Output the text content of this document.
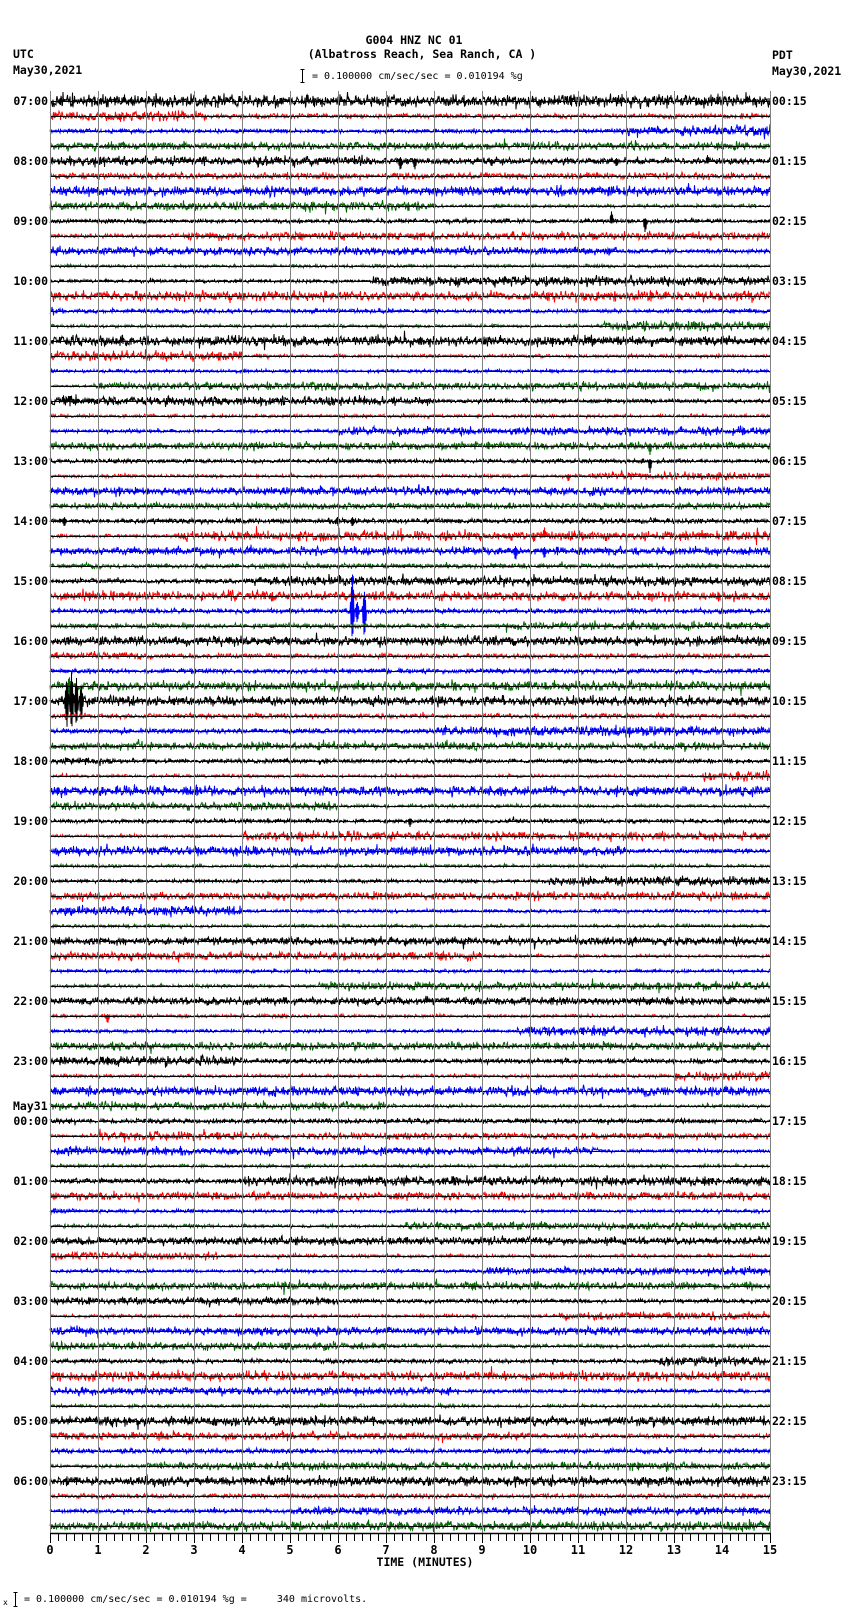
G004 HNZ NC 01
(Albatross Reach, Sea Ranch, CA )
UTC
May30,2021
PDT
May30,2021
= 0.100000 cm/sec/sec = 0.010194 %g
07:00
08:00
09:00
10:00
11:00
12:00
13:00
14:00
15:00
16:00
17:00
18:00
19:00
20:00
21:00
22:00
23:00
00:00
01:00
02:00
03:00
04:00
05:00
06:00
00:15
01:15
02:15
03:15
04:15
05:15
06:15
07:15
08:15
09:15
10:15
11:15
12:15
13:15
14:15
15:15
16:15
17:15
18:15
19:15
20:15
21:15
22:15
23:15
May31
0	1	2	3	4	5	6	7	8	9	10	11	12	13	14	15
TIME (MINUTES)
x = 0.100000 cm/sec/sec = 0.010194 %g =     340 microvolts.
